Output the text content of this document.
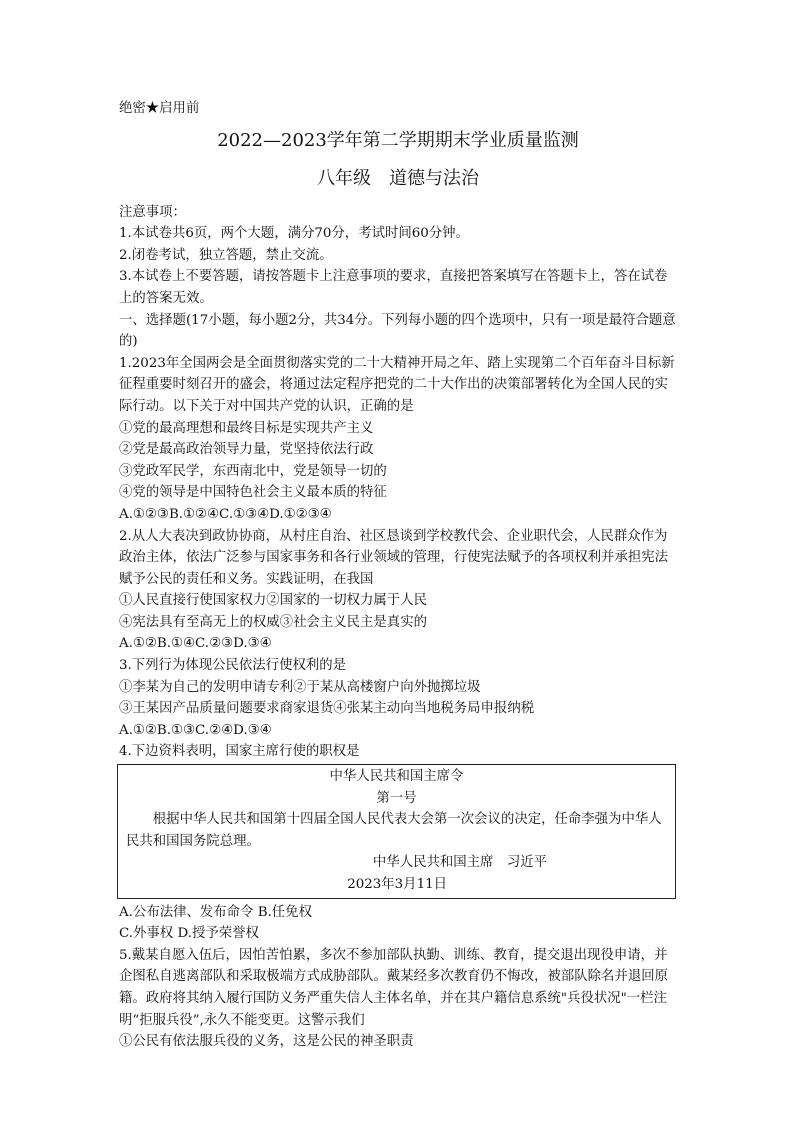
绝密★启用前
2022—2023学年第二学期期末学业质量监测
八年级　道德与法治
注意事项：
1.本试卷共6页，两个大题，满分70分，考试时间60分钟。
2.闭卷考试，独立答题，禁止交流。
3.本试卷上不要答题，请按答题卡上注意事项的要求，直接把答案填写在答题卡上，答在试卷上的答案无效。
一、选择题(17小题，每小题2分，共34分。下列每小题的四个选项中，只有一项是最符合题意的)
1.2023年全国两会是全面贯彻落实党的二十大精神开局之年、踏上实现第二个百年奋斗目标新征程重要时刻召开的盛会，将通过法定程序把党的二十大作出的决策部署转化为全国人民的实际行动。以下关于对中国共产党的认识，正确的是
①党的最高理想和最终目标是实现共产主义
②党是最高政治领导力量，党坚持依法行政
③党政军民学，东西南北中，党是领导一切的
④党的领导是中国特色社会主义最本质的特征
A.①②③B.①②④C.①③④D.①②③④
2.从人大表决到政协协商，从村庄自治、社区恳谈到学校教代会、企业职代会，人民群众作为政治主体，依法广泛参与国家事务和各行业领域的管理，行使宪法赋予的各项权利并承担宪法赋予公民的责任和义务。实践证明，在我国
①人民直接行使国家权力②国家的一切权力属于人民
④宪法具有至高无上的权威③社会主义民主是真实的
A.①②B.①④C.②③D.③④
3.下列行为体现公民依法行使权利的是
①李某为自己的发明申请专利②于某从高楼窗户向外抛掷垃圾
③王某因产品质量问题要求商家退货④张某主动向当地税务局申报纳税
A.①②B.①③C.②④D.③④
4.下边资料表明，国家主席行使的职权是
中华人民共和国主席令
第一号
根据中华人民共和国第十四届全国人民代表大会第一次会议的决定，任命李强为中华人民共和国国务院总理。
中华人民共和国主席　习近平
2023年3月11日
A.公布法律、发布命令 B.任免权
C.外事权 D.授予荣誉权
5.戴某自愿入伍后，因怕苦怕累，多次不参加部队执勤、训练、教育，提交退出现役申请，并企图私自逃离部队和采取极端方式成胁部队。戴某经多次教育仍不悔改，被部队除名并退回原籍。政府将其纳入履行国防义务严重失信人主体名单，并在其户籍信息系统"兵役状况"一栏注明“拒服兵役”,永久不能变更。这警示我们
①公民有依法服兵役的义务，这是公民的神圣职责
